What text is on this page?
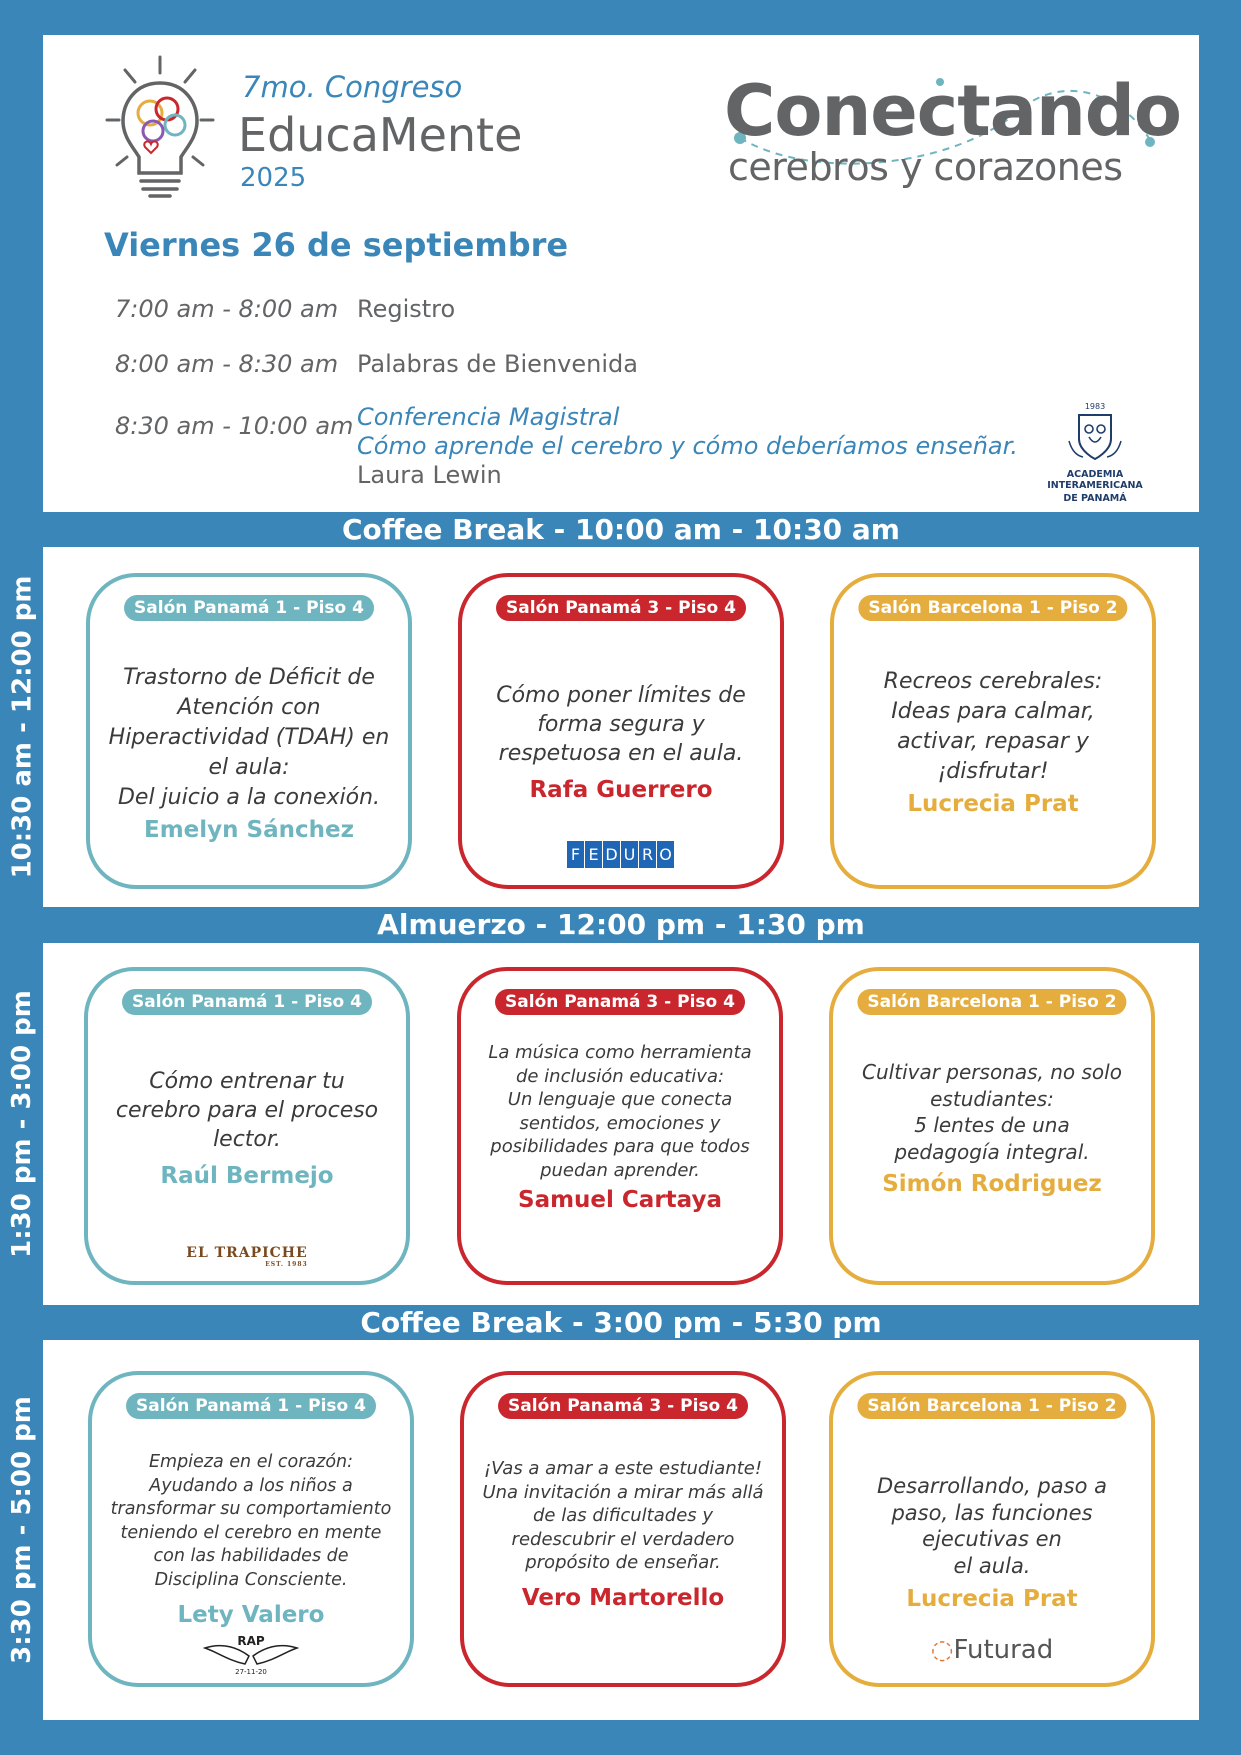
7mo. Congreso
EducaMente
2025
Conectando
cerebros y corazones
Viernes 26 de septiembre
7:00 am - 8:00 am Registro
8:00 am - 8:30 am Palabras de Bienvenida
8:30 am - 10:00 am Conferencia Magistral
Cómo aprende el cerebro y cómo deberíamos enseñar.
Laura Lewin
1983
ACADEMIA INTERAMERICANA
DE PANAMÁ
Coffee Break - 10:00 am - 10:30 am
Almuerzo - 12:00 pm - 1:30 pm
Coffee Break - 3:00 pm - 5:30 pm
10:30 am - 12:00 pm
1:30 pm - 3:00 pm
3:30 pm - 5:00 pm
Salón Panamá 1 - Piso 4
Trastorno de Déficit de
Atención con
Hiperactividad (TDAH) en
el aula:
Del juicio a la conexión.
Emelyn Sánchez
Salón Panamá 3 - Piso 4
Cómo poner límites de
forma segura y
respetuosa en el aula.
Rafa Guerrero
F E D U R O
Salón Barcelona 1 - Piso 2
Recreos cerebrales:
Ideas para calmar,
activar, repasar y
¡disfrutar!
Lucrecia Prat
Salón Panamá 1 - Piso 4
Cómo entrenar tu
cerebro para el proceso
lector.
Raúl Bermejo
EL TRAPICHE
EST. 1983
Salón Panamá 3 - Piso 4
La música como herramienta
de inclusión educativa:
Un lenguaje que conecta
sentidos, emociones y
posibilidades para que todos
puedan aprender.
Samuel Cartaya
Salón Barcelona 1 - Piso 2
Cultivar personas, no solo
estudiantes:
5 lentes de una
pedagogía integral.
Simón Rodriguez
Salón Panamá 1 - Piso 4
Empieza en el corazón:
Ayudando a los niños a
transformar su comportamiento
teniendo el cerebro en mente
con las habilidades de
Disciplina Consciente.
Lety Valero
RAP
27-11-20
Salón Panamá 3 - Piso 4
¡Vas a amar a este estudiante!
Una invitación a mirar más allá
de las dificultades y
redescubrir el verdadero
propósito de enseñar.
Vero Martorello
Salón Barcelona 1 - Piso 2
Desarrollando, paso a
paso, las funciones
ejecutivas en
el aula.
Lucrecia Prat
◌Futurad
